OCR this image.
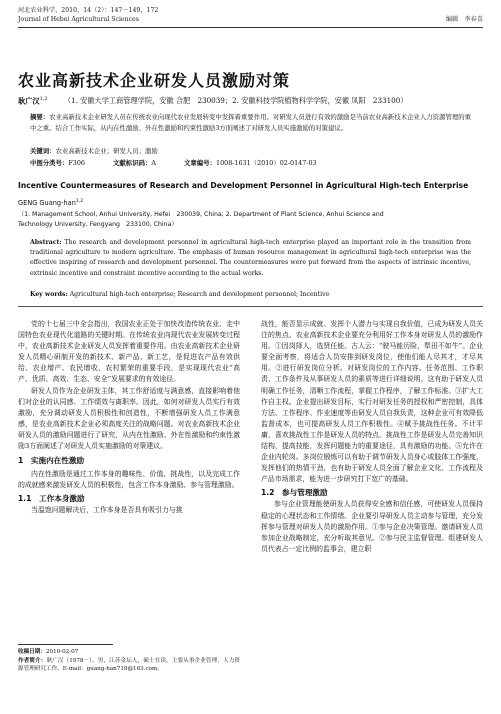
河北农业科学，2010，14（2）：147－149，172
Journal of Hebei Agricultural Sciences	编辑　李春喜
农业高新技术企业研发人员激励对策
耿广汉$^{1,2}$ （1. 安徽大学工商管理学院，安徽 合肥　230039；2. 安徽科技学院植物科学学院，安徽 凤阳　233100）
摘要：农业高新技术企业研发人员在传统农业向现代农业发展转变中发挥着重要作用。对研发人员进行有效的激励是当前农业高新技术企业人力资源管理的重中之重。结合工作实际，从内在性激励、外在性激励和约束性激励3方面阐述了对研发人员实施激励的对策建议。
关键词：农业高新技术企业；研发人员；激励
中图分类号：F306	文献标识码：A	文章编号：1008-1631（2010）02-0147-03
Incentive Countermeasures of Research and Development Personnel in Agricultural High-tech Enterprise
GENG Guang-han$^{1,2}$
（1. Management School, Anhui University, Hefei　230039, China; 2. Department of Plant Science, Anhui Science and
Technology University, Fengyang　233100, China）
Abstract: The research and development personnel in agricultural high-tech enterprise played an important role in the transition from traditional agriculture to modern agriculture. The emphasis of human resource management in agricultural high-tech enterprise was the effective inspiring of research and development personnel. The countermeasures were put forward from the aspects of intrinsic incentive, extrinsic incentive and constraint incentive according to the actual works.
Key words: Agricultural high-tech enterprise; Research and development personnel; Incentive

党的十七届三中全会指出，我国农业正处于加快改造传统农业、走中国特色农业现代化道路的关键时期。在传统农业向现代农业发展转变过程中，农业高新技术企业研发人员发挥着重要作用。由农业高新技术企业研发人员精心研制开发的新技术、新产品、新工艺，是促进农产品有效供给、农业增产、农民增收、农村繁荣的重要手段，是实现现代农业“高产、优质、高效、生态、安全”发展要求的有效途径。

研发人员作为企业研发主体，其工作舒适度与满意感，直接影响着他们对企业的认同感、工作绩效与离职率。因此，如何对研发人员实行有效激励，充分调动研发人员积极性和创造性，不断增强研发人员工作满意感，是农业高新技术企业必须高度关注的战略问题。对农业高新技术企业研发人员的激励问题进行了研究，从内在性激励、外在性激励和约束性激励3方面阐述了对研发人员实施激励的对策建议。

1　实施内在性激励

内在性激励是通过工作本身的趣味性、价值、挑战性，以及完成工作的成就感来激发研发人员的积极性，包含工作本身激励、参与管理激励。

1.1　工作本身激励

当温饱问题解决后，工作本身是否具有吸引力与挑

收稿日期：2010-02-07
作者简介：耿广汉（1978－），男，江苏金坛人，硕士在读，主要从事企业管理，人力资源管理研究工作。E-mail：guang-han719@163.com。

战性，能否显示成就、发挥个人潜力与实现自我价值，已成为研发人员关注的焦点。农业高新技术企业要充分利用好工作本身对研发人员的激励作用。①因岗择人，选贤任能。古人云：“驶马能历险，犁田不如牛”。企业要全面考察，将适合人员安排到研发岗位，使他们能人尽其才，才尽其用。②进行研发岗位分析。对研发岗位的工作内容、任务范围、工作职责、工作条件及从事研发人员的素质等进行详细说明，这有助于研发人员明确工作任务，清晰工作流程，掌握工作程序，了解工作标准。③扩大工作自主权。企业提出研发目标，实行对研发任务的授权和严密控制，具体方法、工作程序、作业速度等由研发人员自我负责，这种企业可有效降低监督成本，也可提高研发人员工作积极性。④赋予挑战性任务。不计平庸，喜欢挑战性工作是研发人员的特点。挑战性工作是研发人员完善知识结构，提高技能，发挥问题能力的重要途径，具有激励的功能。⑤允许在企业内轮岗。多岗位锻炼可以有助于调节研发人员身心或肢体工作强度，发挥他们的热情干劲，也有助于研发人员全面了解企业文化、工作流程及产品市场需求，能为进一步研究打下宽广的基础。

1.2　参与管理激励

参与企业管理能使研发人员获得安全感和信任感，可使研发人员保持稳定的心理状态和工作情绪。企业要引导研发人员主动参与管理，充分发挥参与管理对研发人员的激励作用。①参与企业决策管理。邀请研发人员参加企业战略制定，充分听取其意见。②参与民主监督管理。组建研发人员代表占一定比例的监事会，建立职
